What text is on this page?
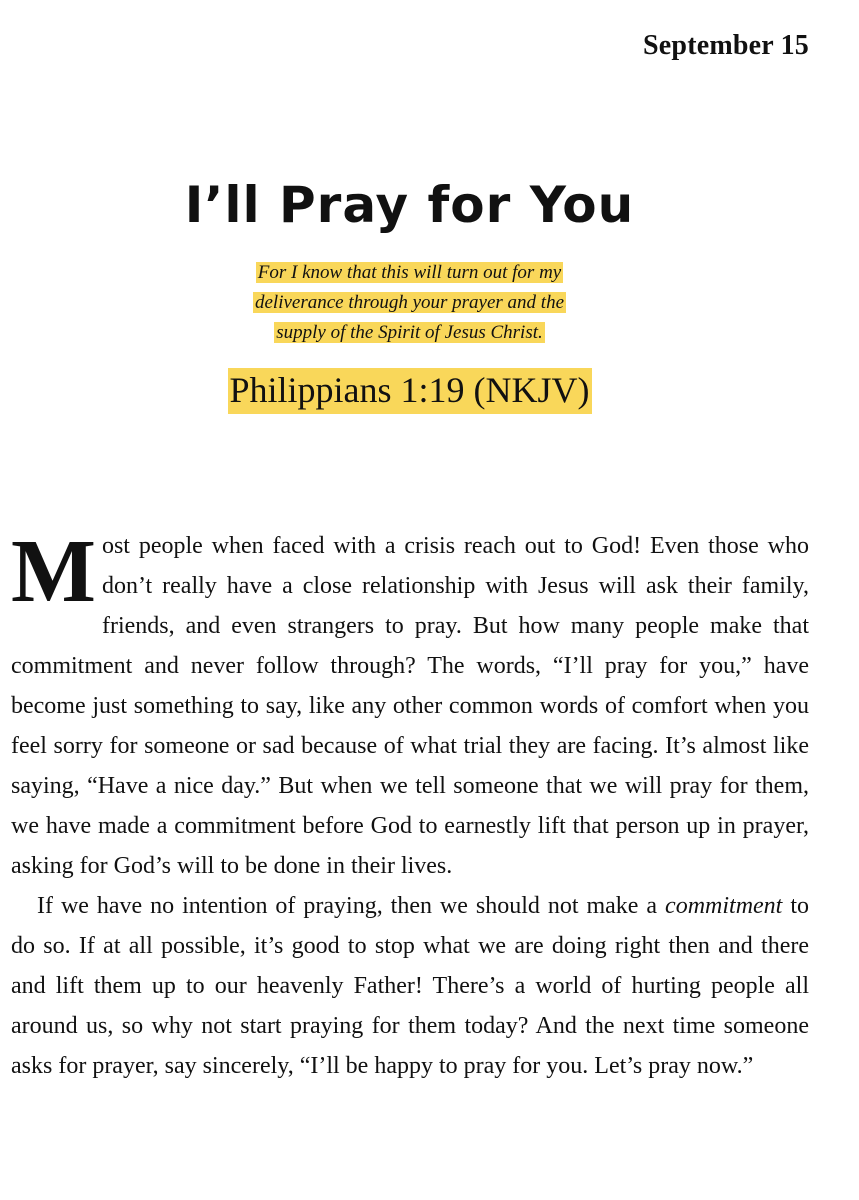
September 15
I’ll Pray for You
For I know that this will turn out for my
deliverance through your prayer and the
supply of the Spirit of Jesus Christ.
Philippians 1:19 (NKJV)

Most people when faced with a crisis reach out to God! Even those who don’t really have a close relationship with Jesus will ask their family, friends, and even strangers to pray. But how many people make that commitment and never follow through? The words, “I’ll pray for you,” have become just something to say, like any other common words of comfort when you feel sorry for someone or sad because of what trial they are facing. It’s almost like saying, “Have a nice day.” But when we tell someone that we will pray for them, we have made a commitment before God to earnestly lift that person up in prayer, asking for God’s will to be done in their lives.

If we have no intention of praying, then we should not make a commitment to do so. If at all possible, it’s good to stop what we are doing right then and there and lift them up to our heavenly Father! There’s a world of hurting people all around us, so why not start praying for them today? And the next time someone asks for prayer, say sincerely, “I’ll be happy to pray for you. Let’s pray now.”
